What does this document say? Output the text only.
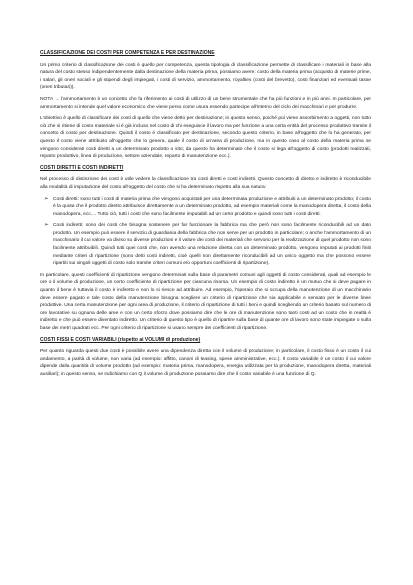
CLASSIFICAZIONE DEI COSTI PER COMPETENZA E PER DESTINAZIONE

Un primo criterio di classificazione dei costi è quello per competenza, questa tipologia di classificazione permette di classificare i materiali in base alla natura del costo stesso indipendentemente dalla destinazione della materia prima, possiamo avere: costo della materia prima (acquisto di materie prime, i salari, gli oneri sociali e gli stipendi degli impiegati, i costi di servizio, ammortamento, royalties (costi del brevetto), costi finanziari ed eventuali tasse (oneri tributari)).

NOTA → l'ammortamento è un concetto che fa riferimento ai costi di utilizzo di un bene strumentale che ha più funzioni e in più anni. In particolare, per ammortamento si intende quel valore economico che viene perso come usura essendo partecipe all'interno del ciclo dei macchinari e per produrre.

L'obiettivo è quello di classificare dei costi di quello che viene detto per destinazione; in questo senso, poiché poi viene assorbimento a oggetti, non tutto ciò che si ritiene di costo materiale si è già incluso nel costo di chi eseguisce il lavoro ma per funzione a una certa entità del processo produttivo tramite il concetto di costo per destinazione. Quindi il costo è classificato per destinazione, secondo questo criterio, in base all'oggetto che lo ha generato, per questo il costo viene attribuito all'oggetto che lo genera, quale il costo di un'area di produzione, ma in questo caso al costo della materia prima se vengono considerati costi diretti a un determinato prodotto o sito; da questo ha determinato che il costo si lega all'oggetto di costo (prodotti realizzati, reparto produttivo, linea di produzione, settore aziendale, reparto di manutenzione ecc.).

COSTI DIRETTI E COSTI INDIRETTI

Nel processo di distinzione dei costi è utile vedere la classificazione tra costi diretti e costi indiretti. Questo concetto di diretto e indiretto è riconducibile alla modalità di imputazione del costo all'oggetto del costo che si ha determinato rispetto alla sua natura:

➢ Costi diretti: sono tutti i costi di materia prima che vengono acquistati per una determinata produzione e attribuiti a un determinato prodotto; il costo è la quota che il prodotto diretto attribuisce direttamente a un determinato prodotto, ad esempio materiali come la manodopera diretta, il costo della manodopera, ecc.... Tutto ciò, tutti i costi che sono facilmente imputabili ad un certo prodotto e quindi sono tutti i costi diretti.

➢ Costi indiretti: sono dei costi che bisogna sostenere per far funzionare la fabbrica ma che però non sono facilmente riconducibili ad un dato prodotto. Un esempio può essere il servizio di guardiania della fabbrica che non serve per un prodotto in particolare; o anche l'ammortamento di un macchinario il cui valore va diviso su diverse produzioni e il valore dei costi dei materiali che servono per la realizzazione di quel prodotto non sono facilmente attribuibili. Quindi tutti quei costi che, non avendo una relazione diretta con un determinato prodotto, vengono imputati ai prodotti finiti mediante criteri di ripartizione (sono detti costi indiretti, cioè quelli non direttamente riconducibili ad un unico oggetto ma che possono essere ripartiti sui singoli oggetti di costo solo tramite criteri comuni e/o opportuni coefficienti di ripartizione).

In particolare, questi coefficienti di ripartizione vengono determinati sulla base di parametri comuni agli oggetti di costo considerati, quali ad esempio le ore o il volume di produzione, un certo coefficiente di ripartizione per ciascuna risorsa. Un esempio di costo indiretto è un mutuo che si deve pagare in quanto il bene è tuttavia il costo è indiretto e non lo si riesce ad attribuire. Ad esempio, l'operaio che si occupa della manutenzione di un macchinario deve essere pagato e tale costo della manutenzione bisogna scegliere un criterio di ripartizione che sia applicabile e sensato per le diverse linee produttive. Una certa manutenzione per ogni area di produzione, il criterio di ripartizione di tutti i beni e quindi scegliendo un criterio basato sul numero di ore lavorative su ognuna delle aree e con un certo sforzo dove possiamo dire che le ore di manutenzione sono tanti costi ad un costo che in realtà è indiretto e che può essere diventato indiretto. Un criterio di questo tipo è quello di ripartire sulla base di quante ore di lavoro sono state impiegate o sulla base dei metri quadrati ecc. Per ogni criterio di ripartizione si usano sempre dei coefficienti di ripartizione.

COSTI FISSI E COSTI VARIABILI (rispetto ai VOLUMI di produzione)

Per quanto riguarda questi due costi è possibile avere una dipendenza diretta con il volume di produzione; in particolare, il costo fisso è un costo il cui andamento, a parità di volume, non varia (ad esempio: affitto, canoni di leasing, spese amministrative, ecc.). Il costo variabile è un costo il cui valore dipende dalla quantità di volume prodotto (ad esempio: materia prima, manodopera, energia utilizzata per la produzione, manodopera diretta, materiali ausiliari); in questo senso, se indichiamo con Q il volume di produzione possiamo dire che il costo variabile è una funzione di Q.
